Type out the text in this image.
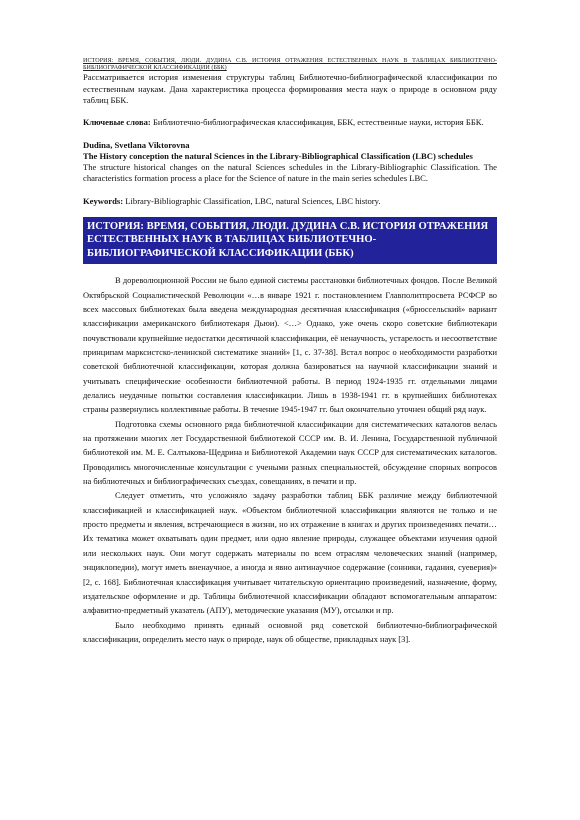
ИСТОРИЯ: ВРЕМЯ, СОБЫТИЯ, ЛЮДИ. ДУДИНА С.В. ИСТОРИЯ ОТРАЖЕНИЯ ЕСТЕСТВЕННЫХ НАУК В ТАБЛИЦАХ БИБЛИОТЕЧНО-БИБЛИОГРАФИЧЕСКОЙ КЛАССИФИКАЦИИ (ББК)

Рассматривается история изменения структуры таблиц Библиотечно-библиографической классификации по естественным наукам. Дана характеристика процесса формирования места наук о природе в основном ряду таблиц ББК.

Ключевые слова: Библиотечно-библиографическая классификация, ББК, естественные науки, история ББК.

Dudina, Svetlana Viktorovna

The History conception the natural Sciences in the Library-Bibliographical Classification (LBC) schedules

The structure historical changes on the natural Sciences schedules in the Library-Bibliographic Classification. The characteristics formation process a place for the Science of nature in the main series schedules LBC.

Keywords: Library-Bibliographic Classification, LBC, natural Sciences, LBC history.

ИСТОРИЯ: ВРЕМЯ, СОБЫТИЯ, ЛЮДИ. ДУДИНА С.В. ИСТОРИЯ ОТРАЖЕНИЯ ЕСТЕСТВЕННЫХ НАУК В ТАБЛИЦАХ БИБЛИОТЕЧНО-БИБЛИОГРАФИЧЕСКОЙ КЛАССИФИКАЦИИ (ББК)

В дореволюционной России не было единой системы расстановки библиотечных фондов. После Великой Октябрьской Социалистической Революции «…в январе 1921 г. постановлением Главполитпросвета РСФСР во всех массовых библиотеках была введена международная десятичная классификация («брюссельский» вариант классификации американского библиотекаря Дьюи). <…> Однако, уже очень скоро советские библиотекари почувствовали крупнейшие недостатки десятичной классификации, её ненаучность, устарелость и несоответствие принципам марксистско-ленинской систематике знаний» [1, с. 37-38]. Встал вопрос о необходимости разработки советской библиотечной классификации, которая должна базироваться на научной классификации знаний и учитывать специфические особенности библиотечной работы. В период 1924-1935 гг. отдельными лицами делались неудачные попытки составления классификации. Лишь в 1938-1941 гг. в крупнейших библиотеках страны развернулись коллективные работы. В течение 1945-1947 гг. был окончательно уточнен общий ряд наук.

Подготовка схемы основного ряда библиотечной классификации для систематических каталогов велась на протяжении многих лет Государственной библиотекой СССР им. В. И. Ленина, Государственной публичной библиотекой им. М. Е. Салтыкова-Щедрина и Библиотекой Академии наук СССР для систематических каталогов. Проводились многочисленные консультации с учеными разных специальностей, обсуждение спорных вопросов на библиотечных и библиографических съездах, совещаниях, в печати и пр.

Следует отметить, что усложняло задачу разработки таблиц ББК различие между библиотечной классификацией и классификацией наук. «Объектом библиотечной классификации являются не только и не просто предметы и явления, встречающиеся в жизни, но их отражение в книгах и других произведениях печати…Их тематика может охватывать один предмет, или одно явление природы, служащее объектами изучения одной или нескольких наук. Они могут содержать материалы по всем отраслям человеческих знаний (например, энциклопедии), могут иметь вненаучное, а иногда и явно антинаучное содержание (сонники, гадания, суеверия)» [2, с. 168]. Библиотечная классификация учитывает читательскую ориентацию произведений, назначение, форму, издательское оформление и др. Таблицы библиотечной классификации обладают вспомогательным аппаратом: алфавитно-предметный указатель (АПУ), методические указания (МУ), отсылки и пр.

Было необходимо принять единый основной ряд советской библиотечно-библиографической классификации, определить место наук о природе, наук об обществе, прикладных наук [3].
